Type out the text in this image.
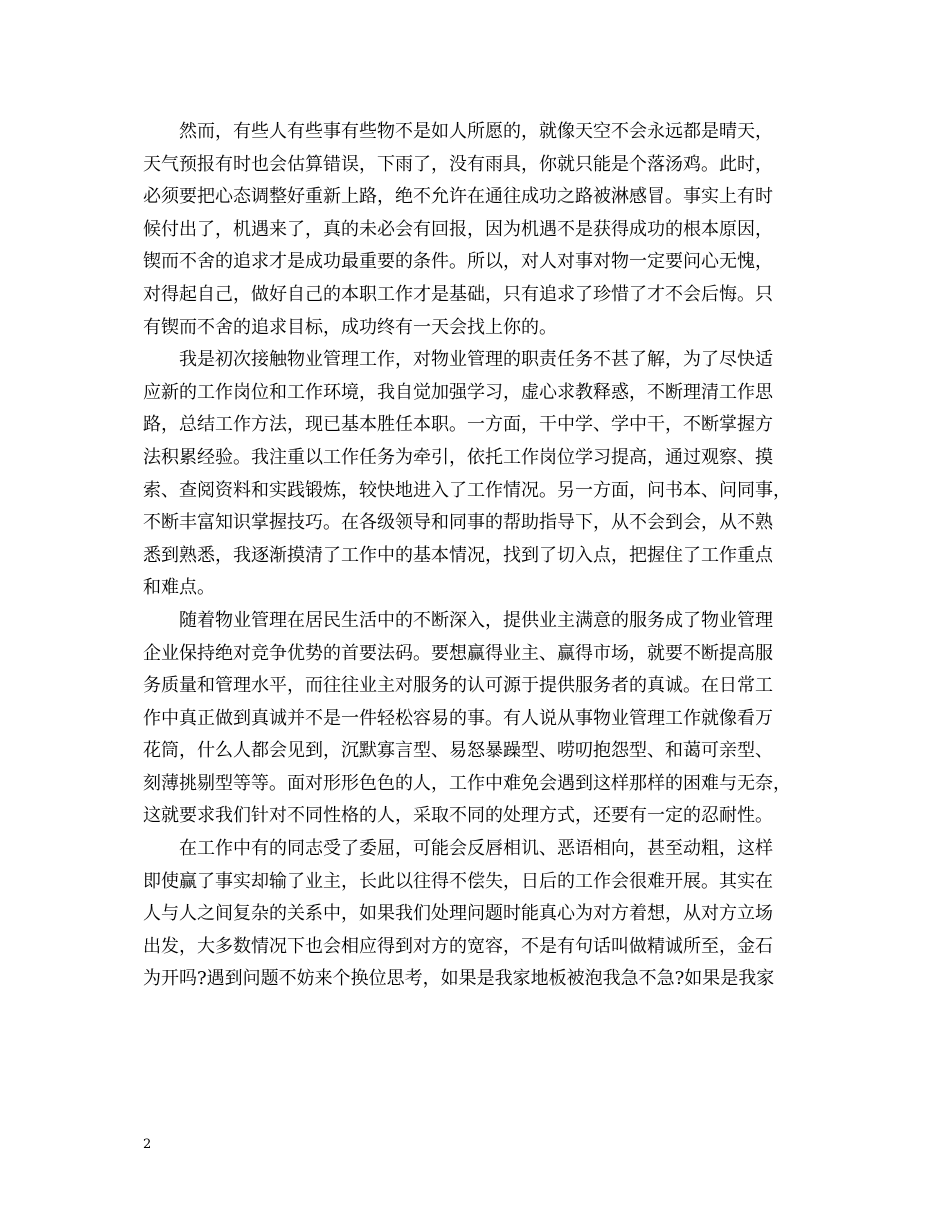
然而，有些人有些事有些物不是如人所愿的，就像天空不会永远都是晴天，
天气预报有时也会估算错误，下雨了，没有雨具，你就只能是个落汤鸡。此时，
必须要把心态调整好重新上路，绝不允许在通往成功之路被淋感冒。事实上有时
候付出了，机遇来了，真的未必会有回报，因为机遇不是获得成功的根本原因，
锲而不舍的追求才是成功最重要的条件。所以，对人对事对物一定要问心无愧，
对得起自己，做好自己的本职工作才是基础，只有追求了珍惜了才不会后悔。只
有锲而不舍的追求目标，成功终有一天会找上你的。

我是初次接触物业管理工作，对物业管理的职责任务不甚了解，为了尽快适
应新的工作岗位和工作环境，我自觉加强学习，虚心求教释惑，不断理清工作思
路，总结工作方法，现已基本胜任本职。一方面，干中学、学中干，不断掌握方
法积累经验。我注重以工作任务为牵引，依托工作岗位学习提高，通过观察、摸
索、查阅资料和实践锻炼，较快地进入了工作情况。另一方面，问书本、问同事，
不断丰富知识掌握技巧。在各级领导和同事的帮助指导下，从不会到会，从不熟
悉到熟悉，我逐渐摸清了工作中的基本情况，找到了切入点，把握住了工作重点
和难点。

随着物业管理在居民生活中的不断深入，提供业主满意的服务成了物业管理
企业保持绝对竞争优势的首要法码。要想赢得业主、赢得市场，就要不断提高服
务质量和管理水平，而往往业主对服务的认可源于提供服务者的真诚。在日常工
作中真正做到真诚并不是一件轻松容易的事。有人说从事物业管理工作就像看万
花筒，什么人都会见到，沉默寡言型、易怒暴躁型、唠叨抱怨型、和蔼可亲型、
刻薄挑剔型等等。面对形形色色的人，工作中难免会遇到这样那样的困难与无奈，
这就要求我们针对不同性格的人，采取不同的处理方式，还要有一定的忍耐性。

在工作中有的同志受了委屈，可能会反唇相讥、恶语相向，甚至动粗，这样
即使赢了事实却输了业主，长此以往得不偿失，日后的工作会很难开展。其实在
人与人之间复杂的关系中，如果我们处理问题时能真心为对方着想，从对方立场
出发，大多数情况下也会相应得到对方的宽容，不是有句话叫做精诚所至，金石
为开吗?遇到问题不妨来个换位思考，如果是我家地板被泡我急不急?如果是我家

2
